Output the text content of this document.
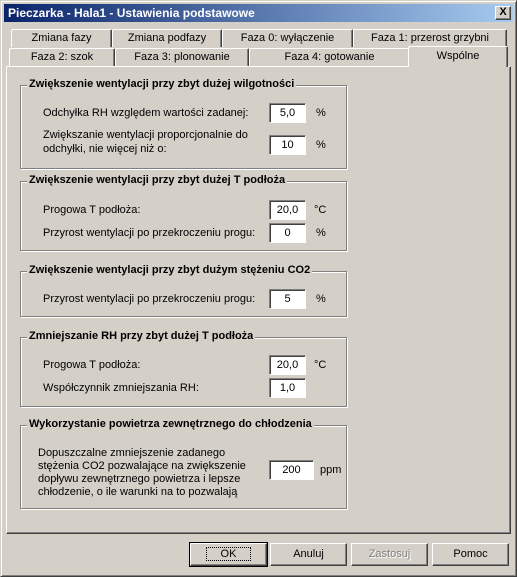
Pieczarka - Hala1 - Ustawienia podstawowe	X
Zmiana fazy	Zmiana podfazy	Faza 0: wyłączenie	Faza 1: przerost grzybni
Faza 2: szok	Faza 3: plonowanie	Faza 4: gotowanie	Wspólne
Zwiększenie wentylacji przy zbyt dużej wilgotności
Odchyłka RH względem wartości zadanej:	5,0	%
Zwiększanie wentylacji proporcjonalnie do
odchyłki, nie więcej niż o:	10	%
Zwiększenie wentylacji przy zbyt dużej T podłoża
Progowa T podłoża:	20,0	°C
Przyrost wentylacji po przekroczeniu progu:	0	%
Zwiększenie wentylacji przy zbyt dużym stężeniu CO2
Przyrost wentylacji po przekroczeniu progu:	5	%
Zmniejszanie RH przy zbyt dużej T podłoża
Progowa T podłoża:	20,0	°C
Współczynnik zmniejszania RH:	1,0
Wykorzystanie powietrza zewnętrznego do chłodzenia
Dopuszczalne zmniejszenie zadanego
stężenia CO2 pozwalające na zwiększenie
dopływu zewnętrznego powietrza i lepsze
chłodzenie, o ile warunki na to pozwalają
200	ppm
OK	Anuluj	Zastosuj	Pomoc
